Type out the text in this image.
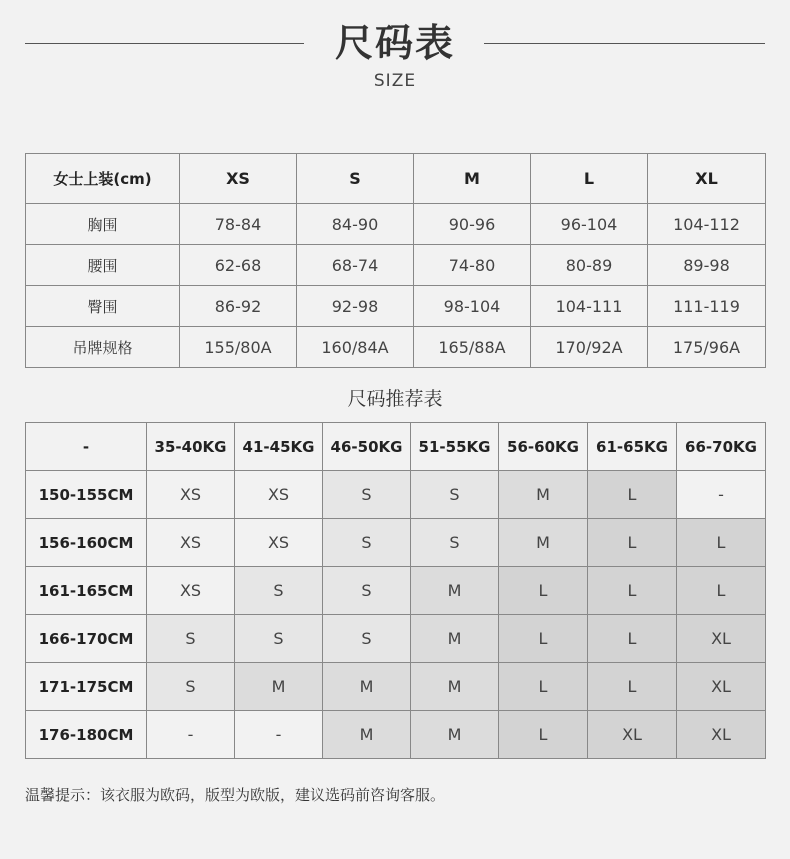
尺码表
SIZE
女士上装(cm)	XS	S	M	L	XL
胸围	78-84	84-90	90-96	96-104	104-112
腰围	62-68	68-74	74-80	80-89	89-98
臀围	86-92	92-98	98-104	104-111	111-119
吊牌规格	155/80A	160/84A	165/88A	170/92A	175/96A
尺码推荐表
-	35-40KG	41-45KG	46-50KG	51-55KG	56-60KG	61-65KG	66-70KG
150-155CM	XS	XS	S	S	M	L	-
156-160CM	XS	XS	S	S	M	L	L
161-165CM	XS	S	S	M	L	L	L
166-170CM	S	S	S	M	L	L	XL
171-175CM	S	M	M	M	L	L	XL
176-180CM	-	-	M	M	L	XL	XL
温馨提示：该衣服为欧码，版型为欧版，建议选码前咨询客服。
